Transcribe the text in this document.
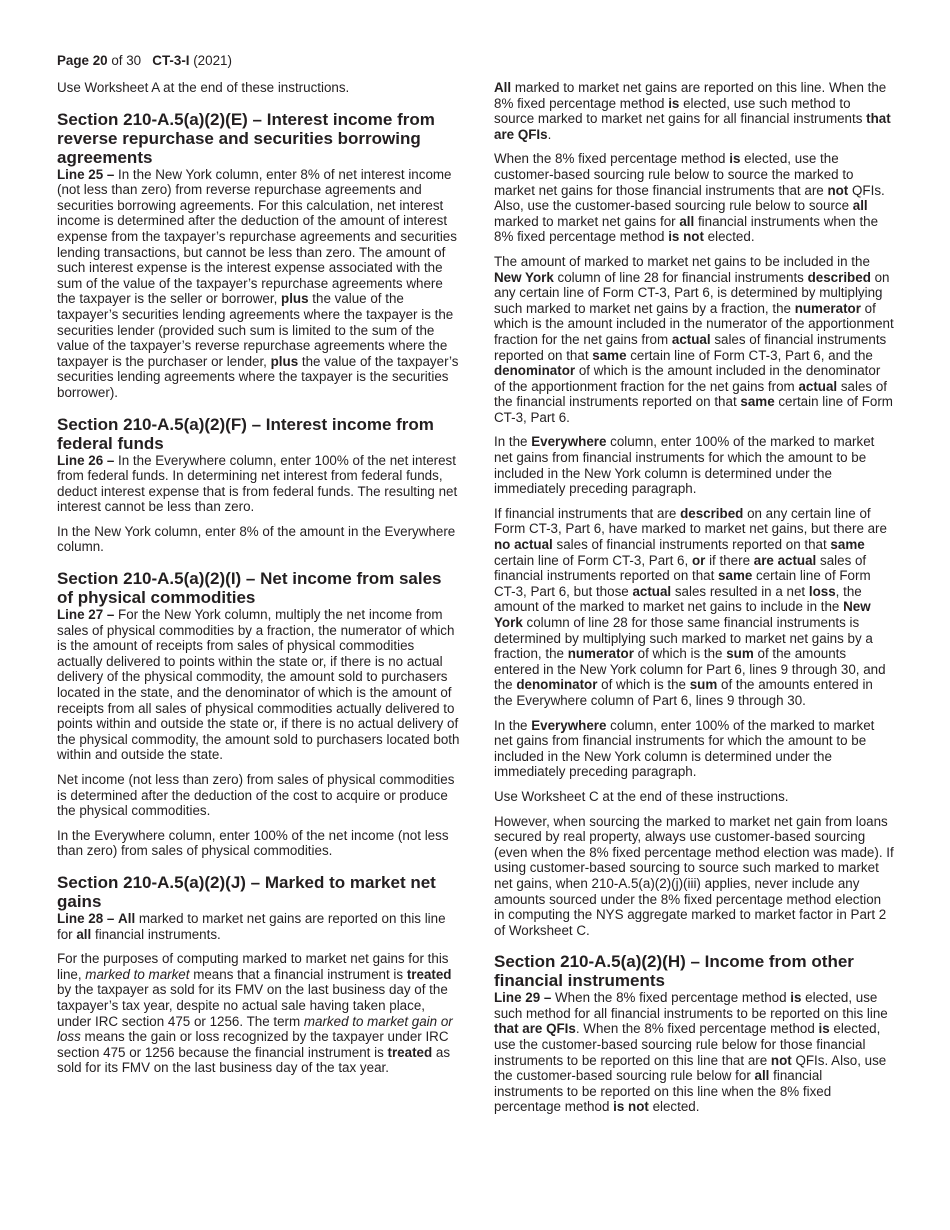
Page 20 of 30   CT-3-I (2021)

Use Worksheet A at the end of these instructions.

Section 210-A.5(a)(2)(E) – Interest income from reverse repurchase and securities borrowing agreements

Line 25 – In the New York column, enter 8% of net interest income (not less than zero) from reverse repurchase agreements and securities borrowing agreements. For this calculation, net interest income is determined after the deduction of the amount of interest expense from the taxpayer’s repurchase agreements and securities lending transactions, but cannot be less than zero. The amount of such interest expense is the interest expense associated with the sum of the value of the taxpayer’s repurchase agreements where the taxpayer is the seller or borrower, plus the value of the taxpayer’s securities lending agreements where the taxpayer is the securities lender (provided such sum is limited to the sum of the value of the taxpayer’s reverse repurchase agreements where the taxpayer is the purchaser or lender, plus the value of the taxpayer’s securities lending agreements where the taxpayer is the securities borrower).

Section 210-A.5(a)(2)(F) – Interest income from federal funds

Line 26 – In the Everywhere column, enter 100% of the net interest from federal funds. In determining net interest from federal funds, deduct interest expense that is from federal funds. The resulting net interest cannot be less than zero.

In the New York column, enter 8% of the amount in the Everywhere column.

Section 210-A.5(a)(2)(I) – Net income from sales of physical commodities

Line 27 – For the New York column, multiply the net income from sales of physical commodities by a fraction, the numerator of which is the amount of receipts from sales of physical commodities actually delivered to points within the state or, if there is no actual delivery of the physical commodity, the amount sold to purchasers located in the state, and the denominator of which is the amount of receipts from all sales of physical commodities actually delivered to points within and outside the state or, if there is no actual delivery of the physical commodity, the amount sold to purchasers located both within and outside the state.

Net income (not less than zero) from sales of physical commodities is determined after the deduction of the cost to acquire or produce the physical commodities.

In the Everywhere column, enter 100% of the net income (not less than zero) from sales of physical commodities.

Section 210-A.5(a)(2)(J) – Marked to market net gains

Line 28 – All marked to market net gains are reported on this line for all financial instruments.

For the purposes of computing marked to market net gains for this line, marked to market means that a financial instrument is treated by the taxpayer as sold for its FMV on the last business day of the taxpayer’s tax year, despite no actual sale having taken place, under IRC section 475 or 1256. The term marked to market gain or loss means the gain or loss recognized by the taxpayer under IRC section 475 or 1256 because the financial instrument is treated as sold for its FMV on the last business day of the tax year.

All marked to market net gains are reported on this line. When the 8% fixed percentage method is elected, use such method to source marked to market net gains for all financial instruments that are QFIs.

When the 8% fixed percentage method is elected, use the customer-based sourcing rule below to source the marked to market net gains for those financial instruments that are not QFIs. Also, use the customer-based sourcing rule below to source all marked to market net gains for all financial instruments when the 8% fixed percentage method is not elected.

The amount of marked to market net gains to be included in the New York column of line 28 for financial instruments described on any certain line of Form CT-3, Part 6, is determined by multiplying such marked to market net gains by a fraction, the numerator of which is the amount included in the numerator of the apportionment fraction for the net gains from actual sales of financial instruments reported on that same certain line of Form CT-3, Part 6, and the denominator of which is the amount included in the denominator of the apportionment fraction for the net gains from actual sales of the financial instruments reported on that same certain line of Form CT-3, Part 6.

In the Everywhere column, enter 100% of the marked to market net gains from financial instruments for which the amount to be included in the New York column is determined under the immediately preceding paragraph.

If financial instruments that are described on any certain line of Form CT-3, Part 6, have marked to market net gains, but there are no actual sales of financial instruments reported on that same certain line of Form CT-3, Part 6, or if there are actual sales of financial instruments reported on that same certain line of Form CT-3, Part 6, but those actual sales resulted in a net loss, the amount of the marked to market net gains to include in the New York column of line 28 for those same financial instruments is determined by multiplying such marked to market net gains by a fraction, the numerator of which is the sum of the amounts entered in the New York column for Part 6, lines 9 through 30, and the denominator of which is the sum of the amounts entered in the Everywhere column of Part 6, lines 9 through 30.

In the Everywhere column, enter 100% of the marked to market net gains from financial instruments for which the amount to be included in the New York column is determined under the immediately preceding paragraph.

Use Worksheet C at the end of these instructions.

However, when sourcing the marked to market net gain from loans secured by real property, always use customer-based sourcing (even when the 8% fixed percentage method election was made). If using customer-based sourcing to source such marked to market net gains, when 210-A.5(a)(2)(j)(iii) applies, never include any amounts sourced under the 8% fixed percentage method election in computing the NYS aggregate marked to market factor in Part 2 of Worksheet C.

Section 210-A.5(a)(2)(H) – Income from other financial instruments

Line 29 – When the 8% fixed percentage method is elected, use such method for all financial instruments to be reported on this line that are QFIs. When the 8% fixed percentage method is elected, use the customer-based sourcing rule below for those financial instruments to be reported on this line that are not QFIs. Also, use the customer-based sourcing rule below for all financial instruments to be reported on this line when the 8% fixed percentage method is not elected.
